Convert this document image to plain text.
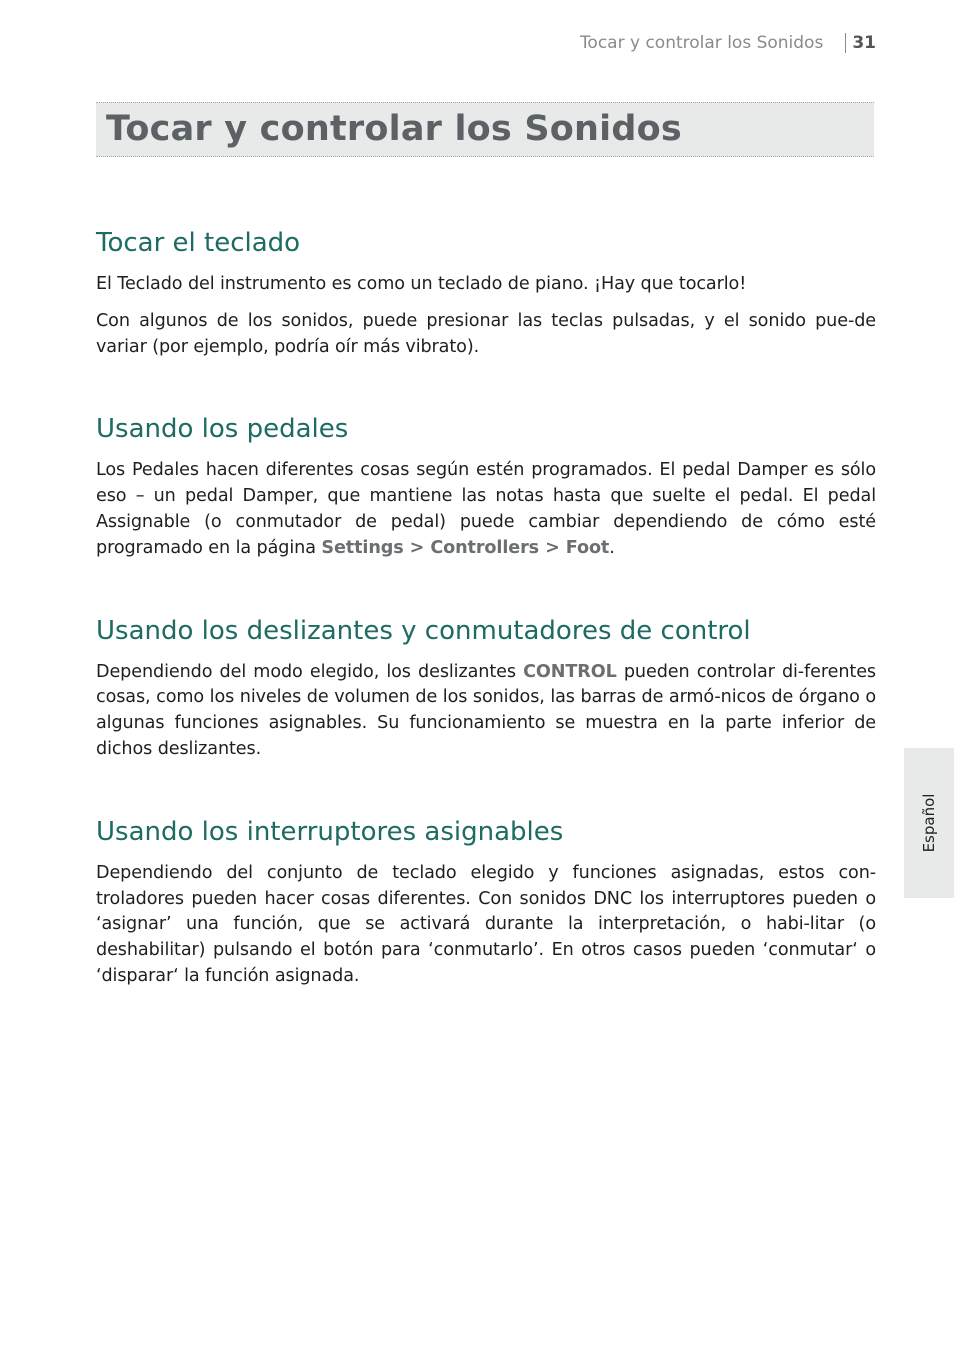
Tocar y controlar los Sonidos 31
Tocar y controlar los Sonidos
Tocar el teclado

El Teclado del instrumento es como un teclado de piano. ¡Hay que tocarlo!

Con algunos de los sonidos, puede presionar las teclas pulsadas, y el sonido pue-de variar (por ejemplo, podría oír más vibrato).

Usando los pedales

Los Pedales hacen diferentes cosas según estén programados. El pedal Damper es sólo eso – un pedal Damper, que mantiene las notas hasta que suelte el pedal. El pedal Assignable (o conmutador de pedal) puede cambiar dependiendo de cómo esté programado en la página Settings > Controllers > Foot.

Usando los deslizantes y conmutadores de control

Dependiendo del modo elegido, los deslizantes CONTROL pueden controlar di-ferentes cosas, como los niveles de volumen de los sonidos, las barras de armó-nicos de órgano o algunas funciones asignables. Su funcionamiento se muestra en la parte inferior de dichos deslizantes.

Usando los interruptores asignables

Dependiendo del conjunto de teclado elegido y funciones asignadas, estos con-troladores pueden hacer cosas diferentes. Con sonidos DNC los interruptores pueden o ‘asignar’ una función, que se activará durante la interpretación, o habi-litar (o deshabilitar) pulsando el botón para ‘conmutarlo’. En otros casos pueden ‘conmutar‘ o ‘disparar‘ la función asignada.

Español
